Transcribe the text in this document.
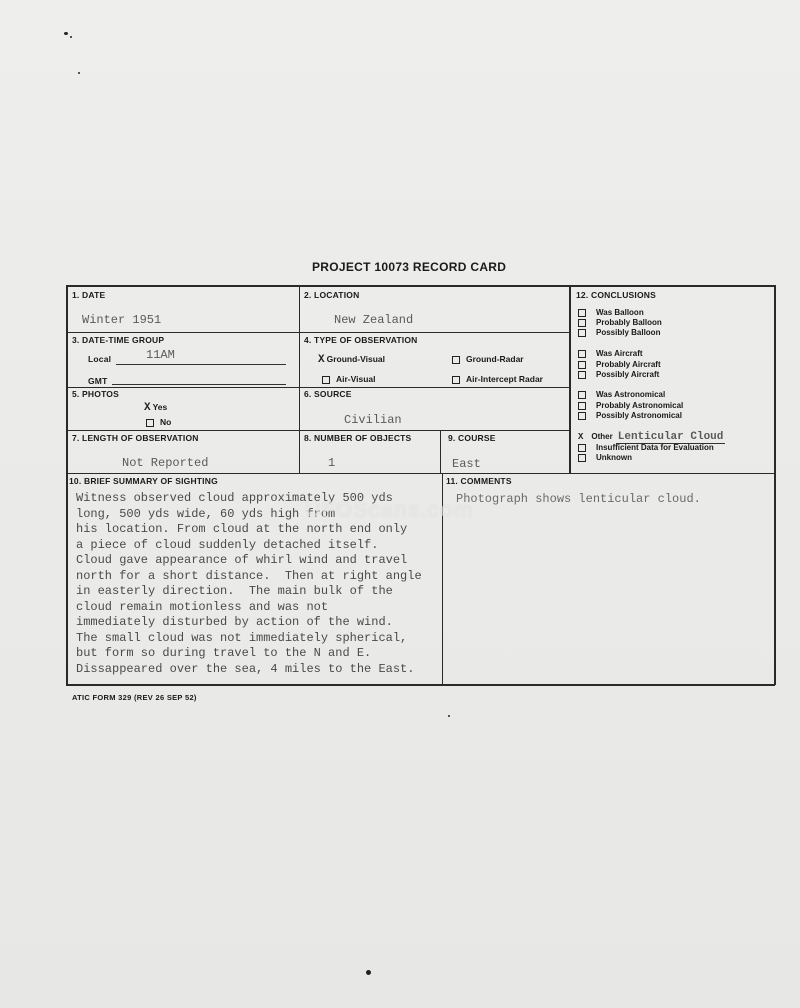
PROJECT 10073 RECORD CARD
1. DATE
Winter 1951
2. LOCATION
New Zealand
3. DATE-TIME GROUP
Local	11AM
GMT
4. TYPE OF OBSERVATION
X Ground-Visual	Ground-Radar
Air-Visual	Air-Intercept Radar
5. PHOTOS
X Yes
No
6. SOURCE
Civilian
7. LENGTH OF OBSERVATION
Not Reported
8. NUMBER OF OBJECTS
1
9. COURSE
East
10. BRIEF SUMMARY OF SIGHTING
Witness observed cloud approximately 500 yds
long, 500 yds wide, 60 yds high from
his location. From cloud at the north end only
a piece of cloud suddenly detached itself.
Cloud gave appearance of whirl wind and travel
north for a short distance.  Then at right angle
in easterly direction.  The main bulk of the
cloud remain motionless and was not
immediately disturbed by action of the wind.
The small cloud was not immediately spherical,
but form so during travel to the N and E.
Dissappeared over the sea, 4 miles to the East.
11. COMMENTS
Photograph shows lenticular cloud.
12. CONCLUSIONS
Was Balloon
Probably Balloon
Possibly Balloon
Was Aircraft
Probably Aircraft
Possibly Aircraft
Was Astronomical
Probably Astronomical
Possibly Astronomical
X Other Lenticular Cloud
Insufficient Data for Evaluation
Unknown
UFOScans.com
ATIC FORM 329 (REV 26 SEP 52)
